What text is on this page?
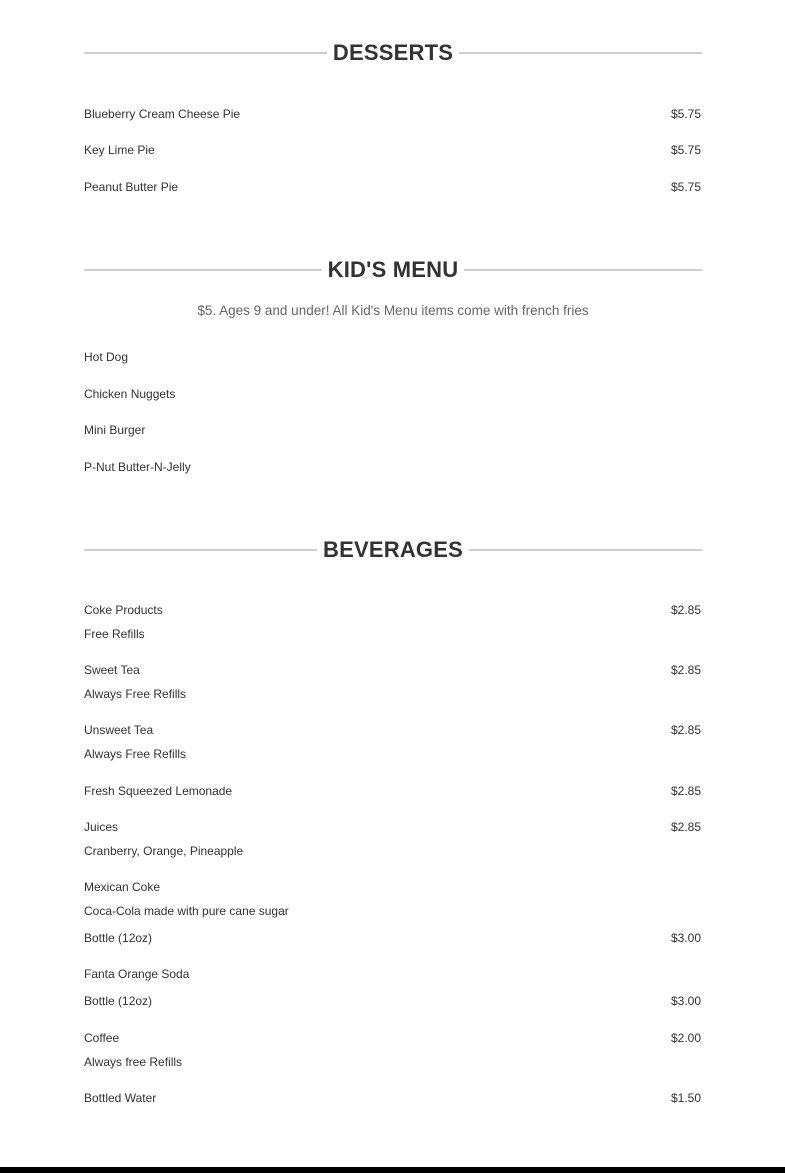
DESSERTS
Blueberry Cream Cheese Pie	$5.75
Key Lime Pie	$5.75
Peanut Butter Pie	$5.75
KID'S MENU
$5. Ages 9 and under! All Kid's Menu items come with french fries
Hot Dog
Chicken Nuggets
Mini Burger
P-Nut Butter-N-Jelly
BEVERAGES
Coke Products	$2.85
Free Refills
Sweet Tea	$2.85
Always Free Refills
Unsweet Tea	$2.85
Always Free Refills
Fresh Squeezed Lemonade	$2.85
Juices	$2.85
Cranberry, Orange, Pineapple
Mexican Coke
Coca-Cola made with pure cane sugar
Bottle (12oz)	$3.00
Fanta Orange Soda
Bottle (12oz)	$3.00
Coffee	$2.00
Always free Refills
Bottled Water	$1.50
